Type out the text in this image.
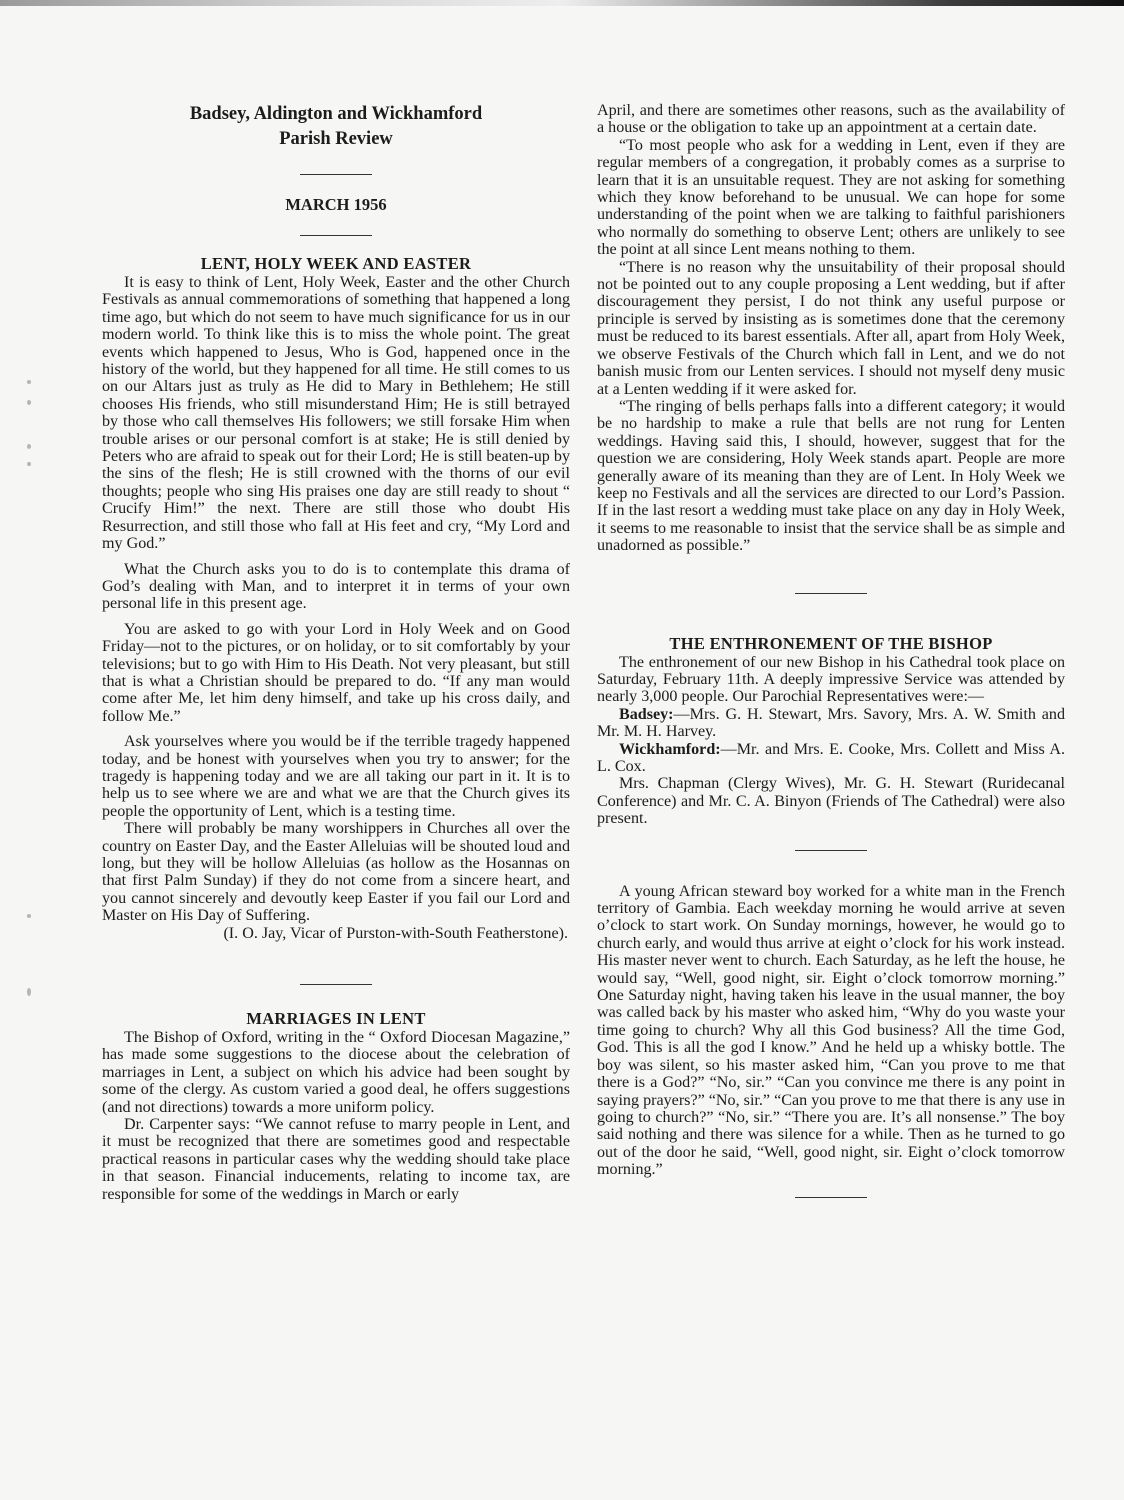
Badsey, Aldington and Wickhamford
Parish Review
MARCH 1956
LENT, HOLY WEEK AND EASTER

It is easy to think of Lent, Holy Week, Easter and the other Church Festivals as annual commemorations of something that happened a long time ago, but which do not seem to have much significance for us in our modern world. To think like this is to miss the whole point. The great events which happened to Jesus, Who is God, happened once in the history of the world, but they happened for all time. He still comes to us on our Altars just as truly as He did to Mary in Bethlehem; He still chooses His friends, who still misunderstand Him; He is still betrayed by those who call themselves His followers; we still forsake Him when trouble arises or our personal comfort is at stake; He is still denied by Peters who are afraid to speak out for their Lord; He is still beaten-up by the sins of the flesh; He is still crowned with the thorns of our evil thoughts; people who sing His praises one day are still ready to shout “ Crucify Him!” the next. There are still those who doubt His Resurrection, and still those who fall at His feet and cry, “My Lord and my God.”

What the Church asks you to do is to contemplate this drama of God’s dealing with Man, and to interpret it in terms of your own personal life in this present age.

You are asked to go with your Lord in Holy Week and on Good Friday—not to the pictures, or on holiday, or to sit comfortably by your televisions; but to go with Him to His Death. Not very pleasant, but still that is what a Christian should be prepared to do. “If any man would come after Me, let him deny himself, and take up his cross daily, and follow Me.”

Ask yourselves where you would be if the terrible tragedy happened today, and be honest with yourselves when you try to answer; for the tragedy is happening today and we are all taking our part in it. It is to help us to see where we are and what we are that the Church gives its people the opportunity of Lent, which is a testing time.

There will probably be many worshippers in Churches all over the country on Easter Day, and the Easter Alleluias will be shouted loud and long, but they will be hollow Alleluias (as hollow as the Hosannas on that first Palm Sunday) if they do not come from a sincere heart, and you cannot sincerely and devoutly keep Easter if you fail our Lord and Master on His Day of Suffering.

(I. O. Jay, Vicar of Purston-with-South Featherstone).

MARRIAGES IN LENT

The Bishop of Oxford, writing in the “ Oxford Diocesan Magazine,” has made some suggestions to the diocese about the celebration of marriages in Lent, a subject on which his advice had been sought by some of the clergy. As custom varied a good deal, he offers suggestions (and not directions) towards a more uniform policy.

Dr. Carpenter says: “We cannot refuse to marry people in Lent, and it must be recognized that there are sometimes good and respectable practical reasons in particular cases why the wedding should take place in that season. Financial inducements, relating to income tax, are responsible for some of the weddings in March or early

April, and there are sometimes other reasons, such as the availability of a house or the obligation to take up an appointment at a certain date.

“To most people who ask for a wedding in Lent, even if they are regular members of a congregation, it probably comes as a surprise to learn that it is an unsuitable request. They are not asking for something which they know beforehand to be unusual. We can hope for some understanding of the point when we are talking to faithful parishioners who normally do something to observe Lent; others are unlikely to see the point at all since Lent means nothing to them.

“There is no reason why the unsuitability of their proposal should not be pointed out to any couple proposing a Lent wedding, but if after discouragement they persist, I do not think any useful purpose or principle is served by insisting as is sometimes done that the ceremony must be reduced to its barest essentials. After all, apart from Holy Week, we observe Festivals of the Church which fall in Lent, and we do not banish music from our Lenten services. I should not myself deny music at a Lenten wedding if it were asked for.

“The ringing of bells perhaps falls into a different category; it would be no hardship to make a rule that bells are not rung for Lenten weddings. Having said this, I should, however, suggest that for the question we are considering, Holy Week stands apart. People are more generally aware of its meaning than they are of Lent. In Holy Week we keep no Festivals and all the services are directed to our Lord’s Passion. If in the last resort a wedding must take place on any day in Holy Week, it seems to me reasonable to insist that the service shall be as simple and unadorned as possible.”

THE ENTHRONEMENT OF THE BISHOP

The enthronement of our new Bishop in his Cathedral took place on Saturday, February 11th. A deeply impressive Service was attended by nearly 3,000 people. Our Parochial Representatives were:—

Badsey:—Mrs. G. H. Stewart, Mrs. Savory, Mrs. A. W. Smith and Mr. M. H. Harvey.

Wickhamford:—Mr. and Mrs. E. Cooke, Mrs. Collett and Miss A. L. Cox.

Mrs. Chapman (Clergy Wives), Mr. G. H. Stewart (Ruridecanal Conference) and Mr. C. A. Binyon (Friends of The Cathedral) were also present.

A young African steward boy worked for a white man in the French territory of Gambia. Each weekday morning he would arrive at seven o’clock to start work. On Sunday mornings, however, he would go to church early, and would thus arrive at eight o’clock for his work instead. His master never went to church. Each Saturday, as he left the house, he would say, “Well, good night, sir. Eight o’clock tomorrow morning.” One Saturday night, having taken his leave in the usual manner, the boy was called back by his master who asked him, “Why do you waste your time going to church? Why all this God business? All the time God, God. This is all the god I know.” And he held up a whisky bottle. The boy was silent, so his master asked him, “Can you prove to me that there is a God?” “No, sir.” “Can you convince me there is any point in saying prayers?” “No, sir.” “Can you prove to me that there is any use in going to church?” “No, sir.” “There you are. It’s all nonsense.” The boy said nothing and there was silence for a while. Then as he turned to go out of the door he said, “Well, good night, sir. Eight o’clock tomorrow morning.”
